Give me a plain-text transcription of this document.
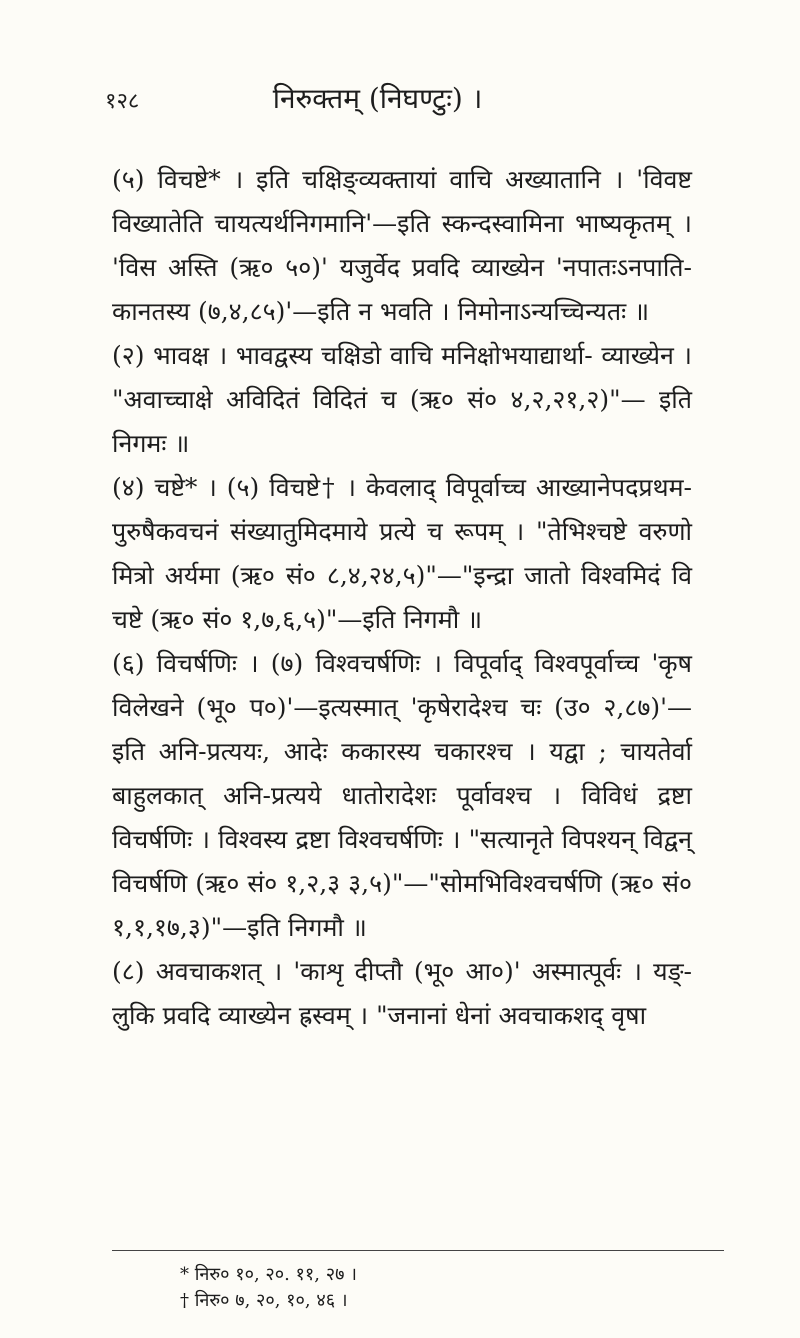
१२८	निरुक्तम् (निघण्टुः) ।

(५) विचष्टे* । इति चक्षिङ्व्यक्तायां वाचि अख्यातानि । 'विवष्ट विख्यातेति चायत्यर्थनिगमानि'—इति स्कन्दस्वामिना भाष्यकृतम् । 'विस अस्ति (ऋ० ५०)' यजुर्वेद प्रवदि व्याख्येन 'नपातःऽनपाति- कानतस्य (७,४,८५)'—इति न भवति । निमोनाऽन्यच्चिन्यतः ॥

(२) भावक्ष । भावद्वस्य चक्षिडो वाचि मनिक्षोभयाद्यार्था- व्याख्येन । "अवाच्चाक्षे अविदितं विदितं च (ऋ० सं० ४,२,२१,२)"— इति निगमः ॥

(४) चष्टे* । (५) विचष्टे† । केवलाद् विपूर्वाच्च आख्यानेपदप्रथम- पुरुषैकवचनं संख्यातुमिदमाये प्रत्ये च रूपम् । "तेभिश्चष्टे वरुणो मित्रो अर्यमा (ऋ० सं० ८,४,२४,५)"—"इन्द्रा जातो विश्वमिदं वि चष्टे (ऋ० सं० १,७,६,५)"—इति निगमौ ॥

(६) विचर्षणिः । (७) विश्वचर्षणिः । विपूर्वाद् विश्वपूर्वाच्च 'कृष विलेखने (भू० प०)'—इत्यस्मात् 'कृषेरादेश्च चः (उ० २,८७)'— इति अनि-प्रत्ययः, आदेः ककारस्य चकारश्च । यद्वा ; चायतेर्वा बाहुलकात् अनि-प्रत्यये धातोरादेशः पूर्वावश्च । विविधं द्रष्टा विचर्षणिः । विश्वस्य द्रष्टा विश्वचर्षणिः । "सत्यानृते विपश्यन् विद्वन्‌ विचर्षणि (ऋ० सं० १,२,३ ३,५)"—"सोमभिविश्वचर्षणि (ऋ० सं० १,१,१७,३)"—इति निगमौ ॥

(८) अवचाकशत् । 'काशृ दीप्तौ (भू० आ०)' अस्मात्पूर्वः । यङ्- लुकि प्रवदि व्याख्येन ह्रस्वम् । "जनानां धेनां अवचाकशद् वृषा

* निरु० १०, २०. ११, २७ ।
† निरु० ७, २०, १०, ४६ ।
